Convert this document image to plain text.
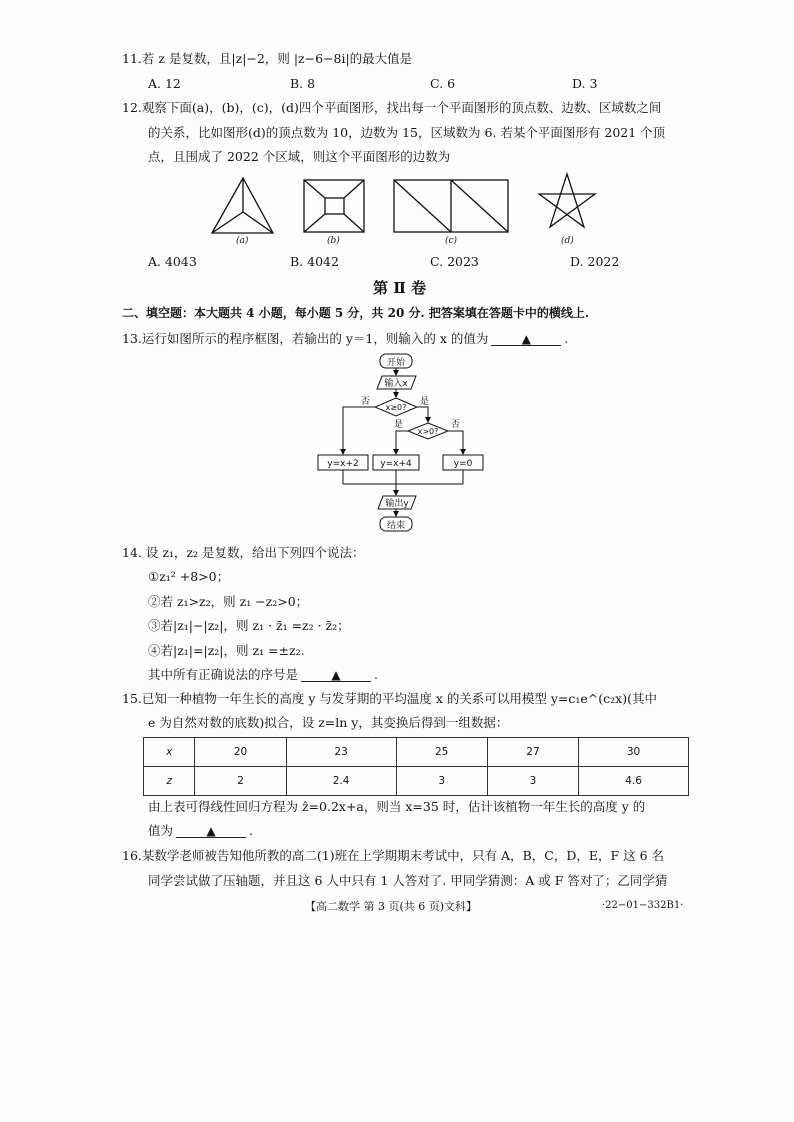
11.若 z 是复数，且|z|−2，则 |z−6−8i|的最大值是
A. 12	B. 8	C. 6	D. 3
12.观察下面(a)，(b)，(c)，(d)四个平面图形，找出每一个平面图形的顶点数、边数、区域数之间
的关系，比如图形(d)的顶点数为 10，边数为 15，区域数为 6. 若某个平面图形有 2021 个顶
点，且围成了 2022 个区域，则这个平面图形的边数为
(a)	(b)	(c)	(d)
A. 4043	B. 4042	C. 2023	D. 2022
第 Ⅱ 卷
二、填空题：本大题共 4 小题，每小题 5 分，共 20 分. 把答案填在答题卡中的横线上.
13.运行如图所示的程序框图，若输出的 y＝1，则输入的 x 的值为	▲	.
开始
输入x
x≥0?
否	是
x>0?
是	否
y=x+2 y=x+4	y=0
输出y
结束
14. 设 z₁，z₂ 是复数，给出下列四个说法：
①z₁² +8>0；
②若 z₁>z₂，则 z₁ −z₂>0；
③若|z₁|−|z₂|，则 z₁ · z̄₁ =z₂ · z̄₂；
④若|z₁|=|z₂|，则 z₁ =±z₂.
其中所有正确说法的序号是	▲	.
15.已知一种植物一年生长的高度 y 与发芽期的平均温度 x 的关系可以用模型 y=c₁e^(c₂x)(其中
e 为自然对数的底数)拟合，设 z=ln y，其变换后得到一组数据：
x	20	23	25	27	30
z	2	2.4	3	3	4.6
由上表可得线性回归方程为 ẑ=0.2x+a，则当 x=35 时，估计该植物一年生长的高度 y 的
值为	▲	.
16.某数学老师被告知他所教的高二(1)班在上学期期末考试中，只有 A，B，C，D，E，F 这 6 名
同学尝试做了压轴题，并且这 6 人中只有 1 人答对了. 甲同学猜测：A 或 F 答对了；乙同学猜
【高二数学 第 3 页(共 6 页)文科】	·22−01−332B1·
